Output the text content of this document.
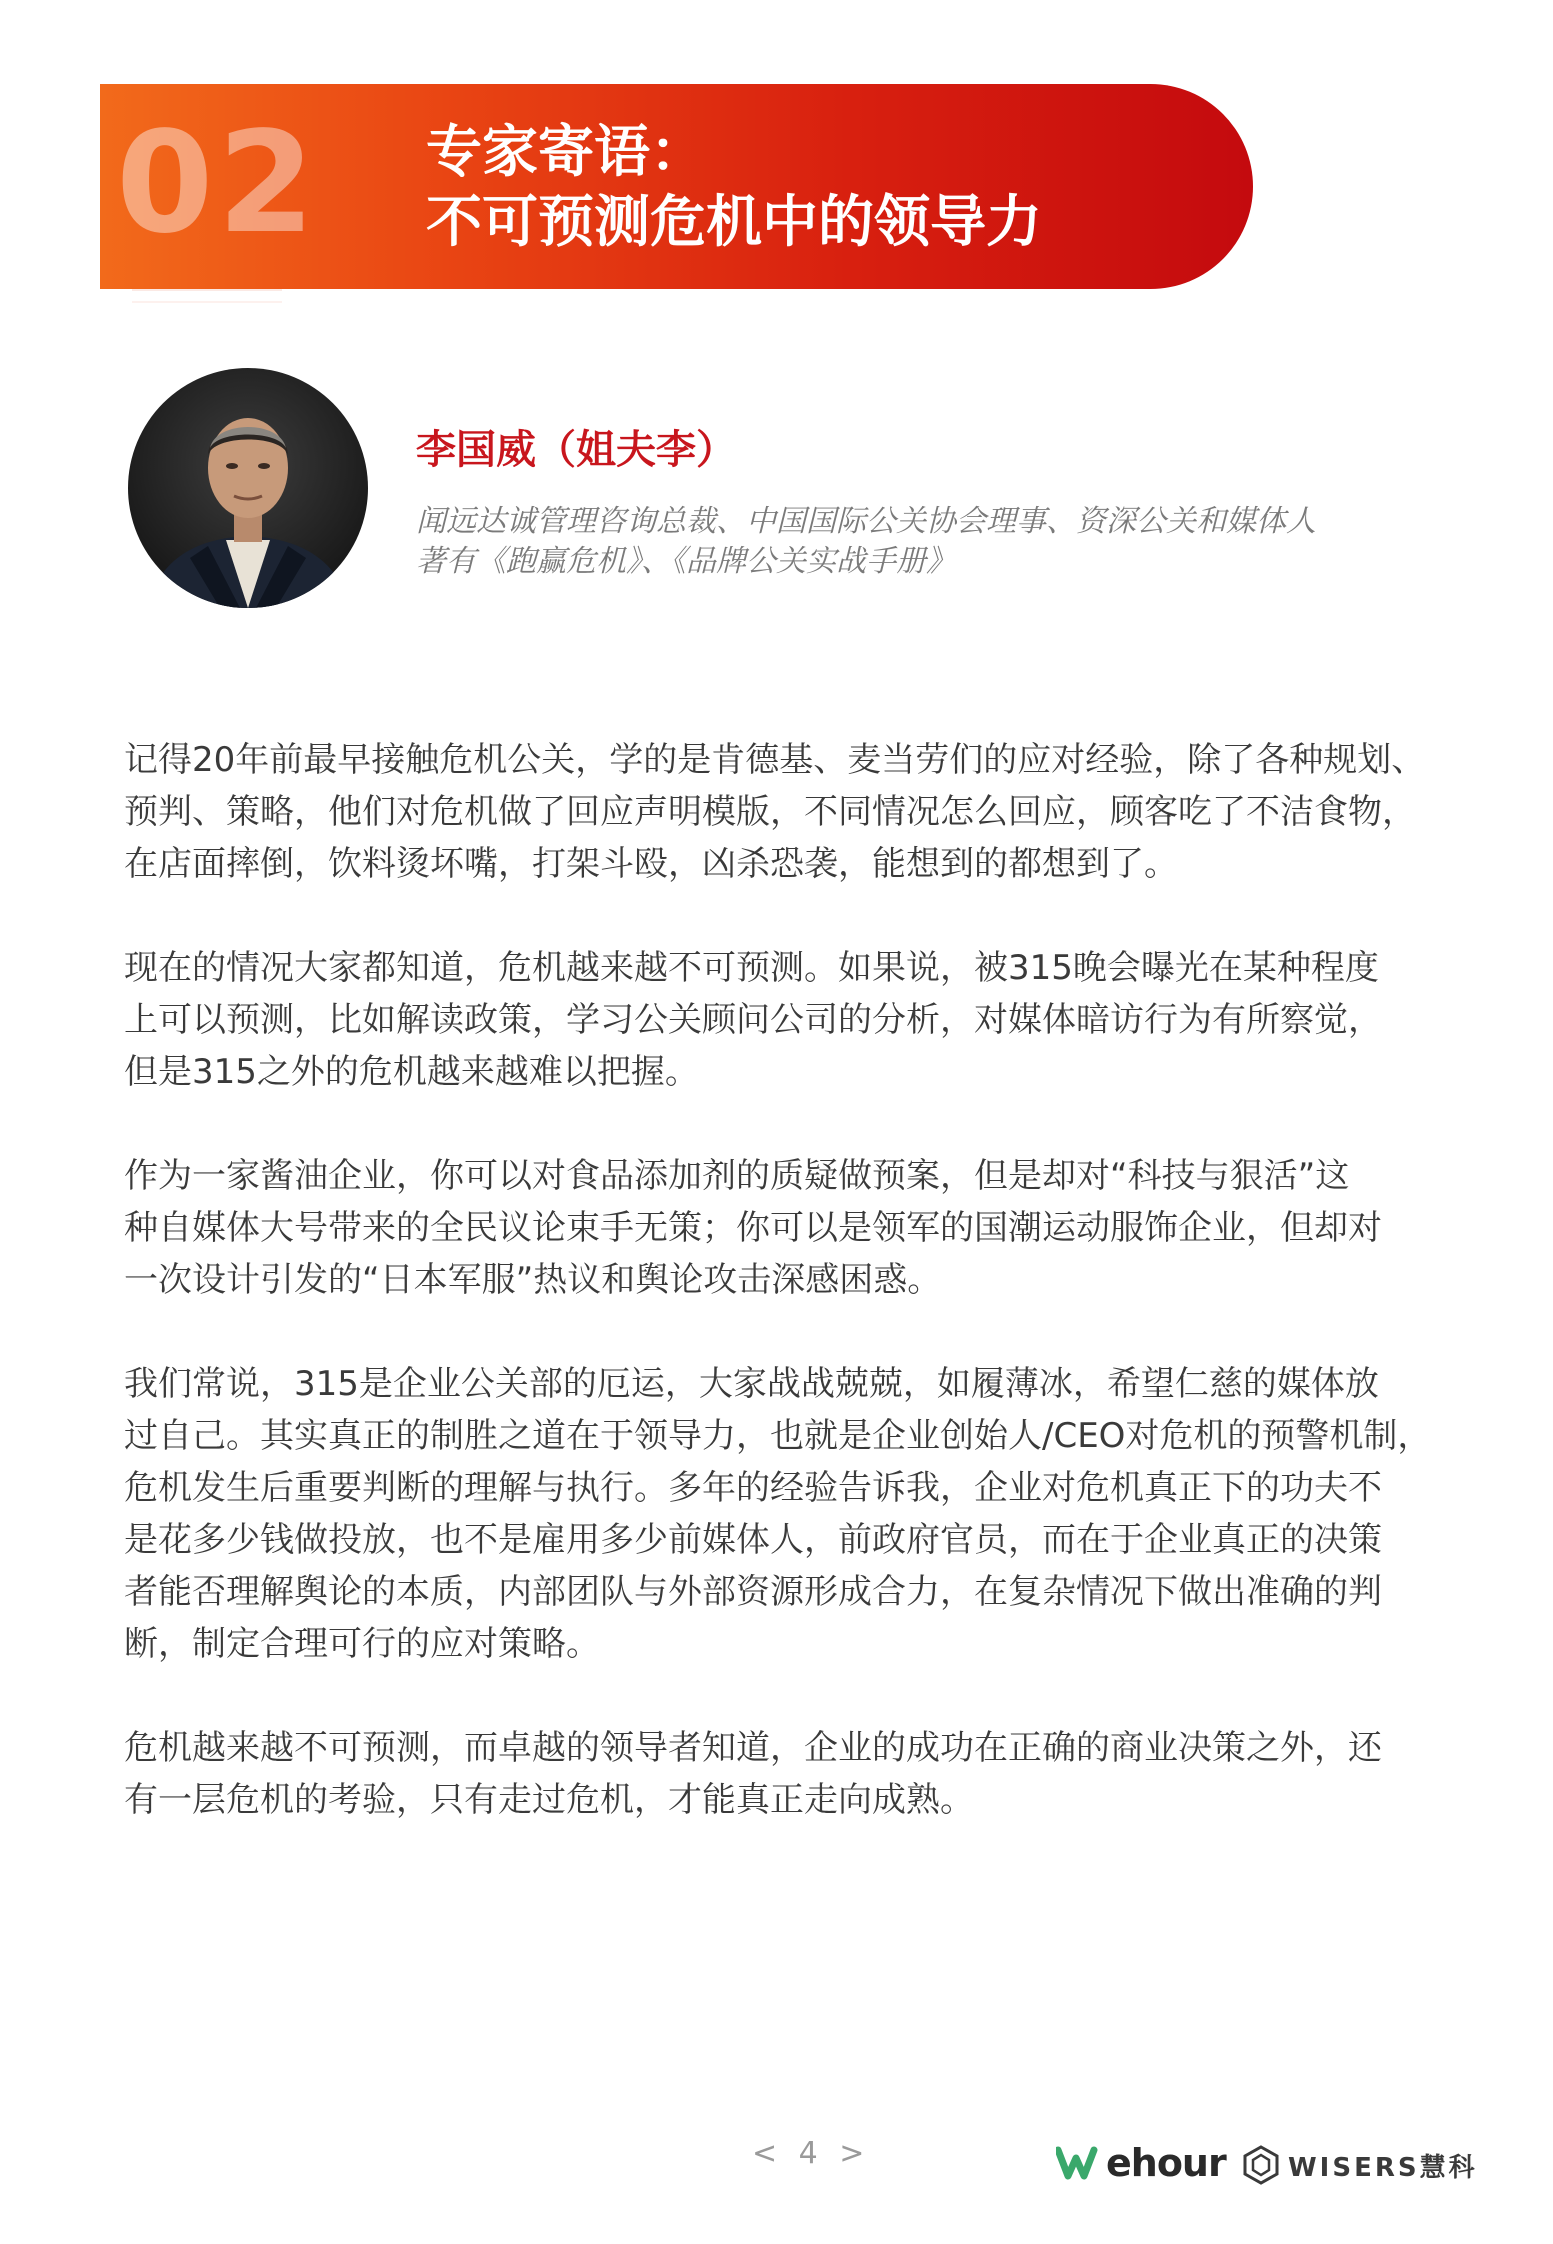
02 专家寄语：
不可预测危机中的领导力
李国威（姐夫李）
闻远达诚管理咨询总裁、中国国际公关协会理事、资深公关和媒体人
著有《跑赢危机》、《品牌公关实战手册》

记得20年前最早接触危机公关，学的是肯德基、麦当劳们的应对经验，除了各种规划、
预判、策略，他们对危机做了回应声明模版，不同情况怎么回应，顾客吃了不洁食物，
在店面摔倒，饮料烫坏嘴，打架斗殴，凶杀恐袭，能想到的都想到了。

现在的情况大家都知道，危机越来越不可预测。如果说，被315晚会曝光在某种程度
上可以预测，比如解读政策，学习公关顾问公司的分析，对媒体暗访行为有所察觉，
但是315之外的危机越来越难以把握。

作为一家酱油企业，你可以对食品添加剂的质疑做预案，但是却对“科技与狠活”这
种自媒体大号带来的全民议论束手无策；你可以是领军的国潮运动服饰企业，但却对
一次设计引发的“日本军服”热议和舆论攻击深感困惑。

我们常说，315是企业公关部的厄运，大家战战兢兢，如履薄冰，希望仁慈的媒体放
过自己。其实真正的制胜之道在于领导力，也就是企业创始人/CEO对危机的预警机制，
危机发生后重要判断的理解与执行。多年的经验告诉我，企业对危机真正下的功夫不
是花多少钱做投放，也不是雇用多少前媒体人，前政府官员，而在于企业真正的决策
者能否理解舆论的本质，内部团队与外部资源形成合力，在复杂情况下做出准确的判
断，制定合理可行的应对策略。

危机越来越不可预测，而卓越的领导者知道，企业的成功在正确的商业决策之外，还
有一层危机的考验，只有走过危机，才能真正走向成熟。

< 4 >	ehour WISERS慧科
